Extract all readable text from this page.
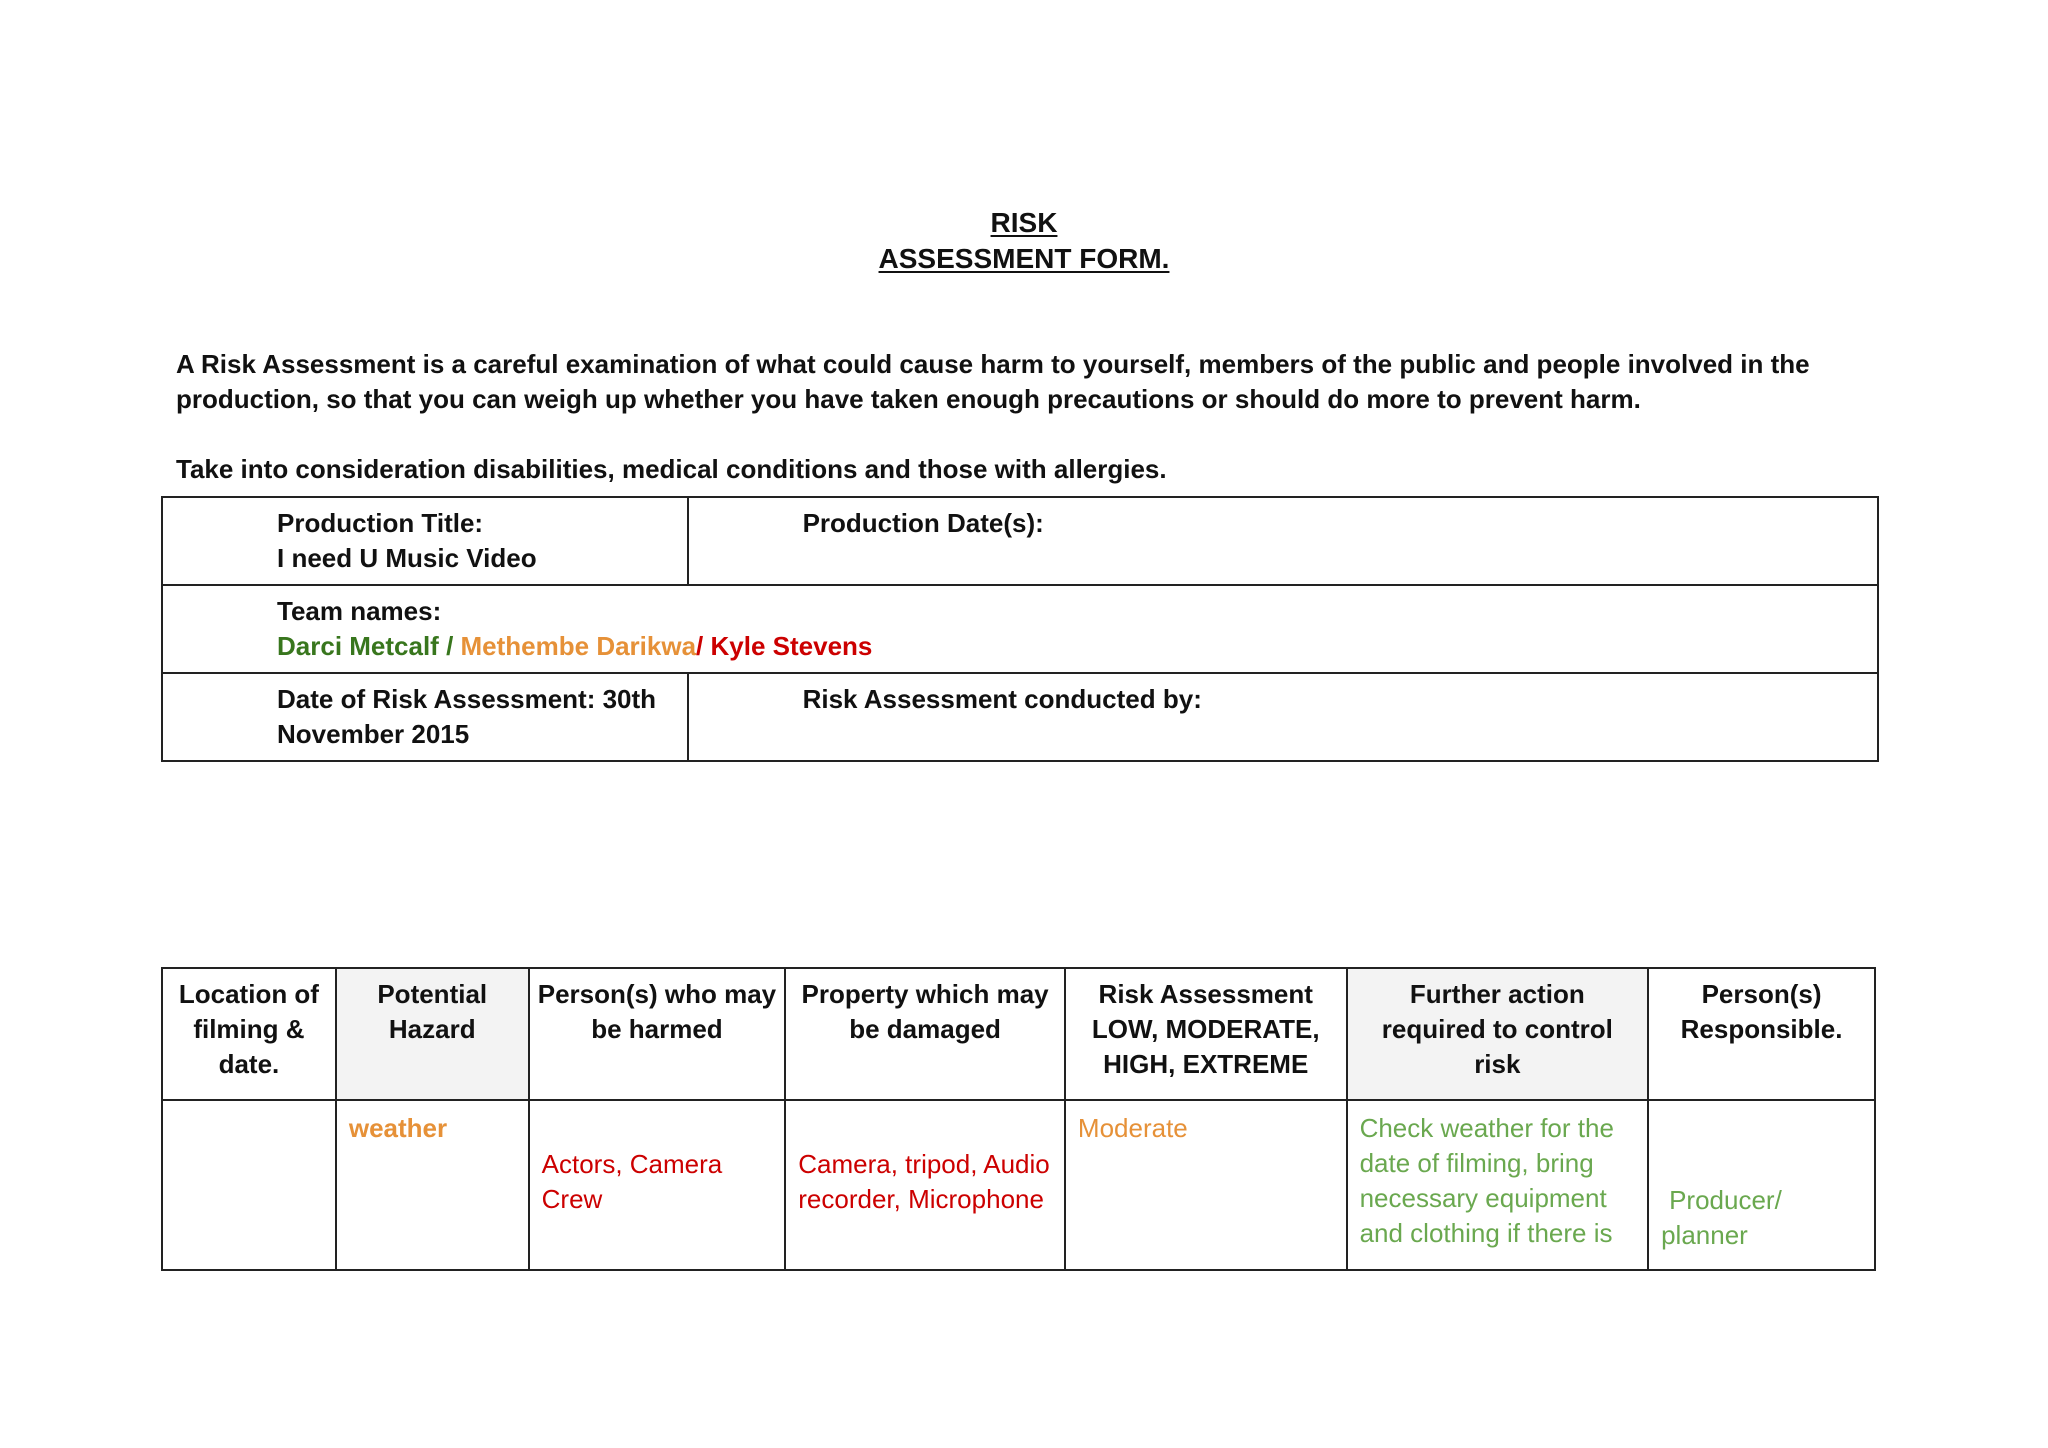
RISK
ASSESSMENT FORM.

A Risk Assessment is a careful examination of what could cause harm to yourself, members of the public and people involved in the production, so that you can weigh up whether you have taken enough precautions or should do more to prevent harm.

Take into consideration disabilities, medical conditions and those with allergies.

Production Title:
I need U Music Video	Production Date(s):

Team names:
Darci Metcalf / Methembe Darikwa/ Kyle Stevens	

Date of Risk Assessment: 30th November 2015	Risk Assessment conducted by:
Location of filming & date.	Potential Hazard	Person(s) who may be harmed	Property which may be damaged	Risk Assessment LOW, MODERATE, HIGH, EXTREME	Further action required to control risk	Person(s) Responsible.
	weather	Actors, Camera Crew	Camera, tripod, Audio recorder, Microphone	Moderate	Check weather for the date of filming, bring necessary equipment and clothing if there is	Producer/ planner
